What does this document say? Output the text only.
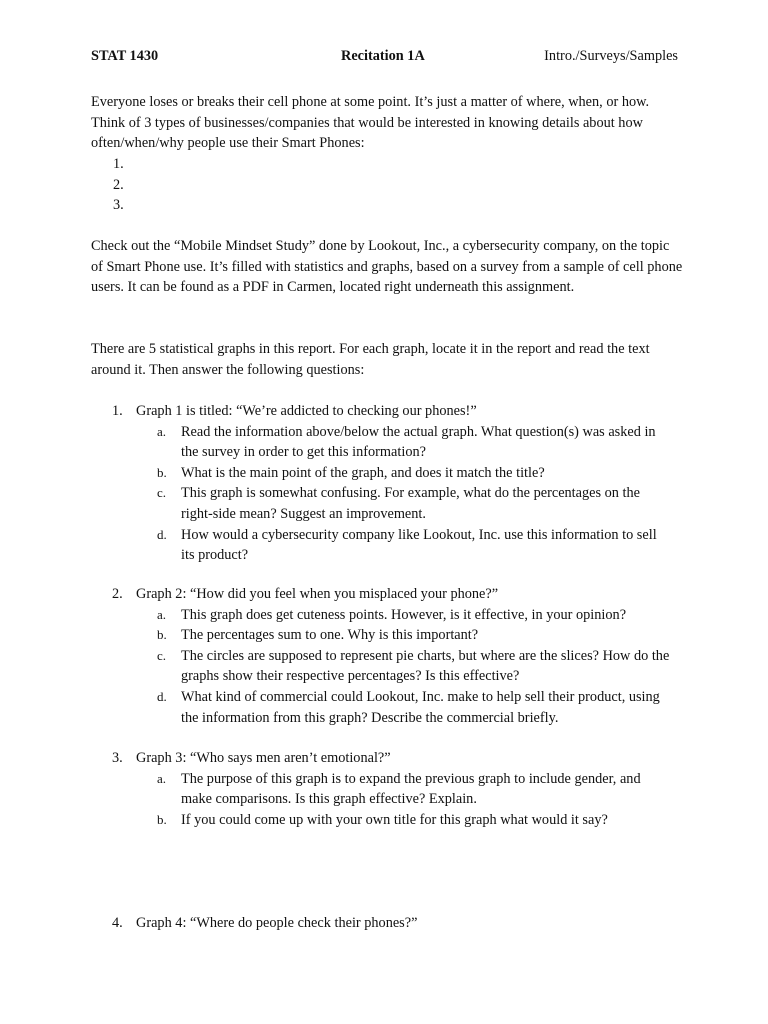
STAT 1430	Recitation 1A	Intro./Surveys/Samples

Everyone loses or breaks their cell phone at some point. It’s just a matter of where, when, or how. Think of 3 types of businesses/companies that would be interested in knowing details about how often/when/why people use their Smart Phones:

1.
2.
3.

Check out the “Mobile Mindset Study” done by Lookout, Inc., a cybersecurity company, on the topic of Smart Phone use. It’s filled with statistics and graphs, based on a survey from a sample of cell phone users. It can be found as a PDF in Carmen, located right underneath this assignment.

There are 5 statistical graphs in this report. For each graph, locate it in the report and read the text around it. Then answer the following questions:

1. Graph 1 is titled: “We’re addicted to checking our phones!”
a. Read the information above/below the actual graph. What question(s) was asked in the survey in order to get this information?
b. What is the main point of the graph, and does it match the title?
c. This graph is somewhat confusing. For example, what do the percentages on the right-side mean? Suggest an improvement.
d. How would a cybersecurity company like Lookout, Inc. use this information to sell its product?
2. Graph 2: “How did you feel when you misplaced your phone?”
a. This graph does get cuteness points. However, is it effective, in your opinion?
b. The percentages sum to one. Why is this important?
c. The circles are supposed to represent pie charts, but where are the slices? How do the graphs show their respective percentages? Is this effective?
d. What kind of commercial could Lookout, Inc. make to help sell their product, using the information from this graph? Describe the commercial briefly.
3. Graph 3: “Who says men aren’t emotional?”
a. The purpose of this graph is to expand the previous graph to include gender, and make comparisons. Is this graph effective? Explain.
b. If you could come up with your own title for this graph what would it say?
4. Graph 4: “Where do people check their phones?”
